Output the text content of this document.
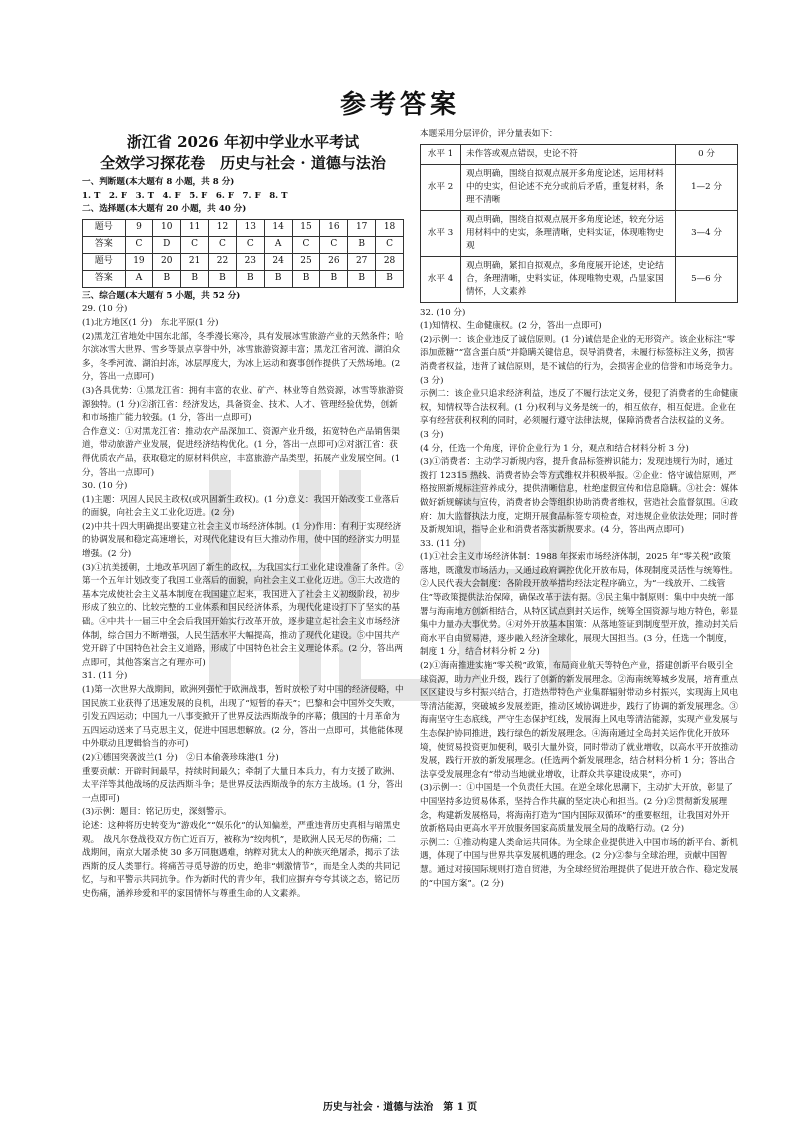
参考答案
浙江省 2026 年初中学业水平考试
全效学习探花卷　历史与社会 · 道德与法治
一、判断题(本大题有 8 小题，共 8 分)
1. T　2. F　3. T　4. F　5. F　6. F　7. F　8. T
二、选择题(本大题有 20 小题，共 40 分)
题号	9	10	11	12	13	14	15	16	17	18
答案	C	D	C	C	C	A	C	C	B	C
题号	19	20	21	22	23	24	25	26	27	28
答案	A	B	B	B	B	B	B	B	B	B
三、综合题(本大题有 5 小题，共 52 分)
29. (10 分)
(1)北方地区(1 分)　东北平原(1 分)
(2)黑龙江省地处中国东北部，冬季漫长寒冷，具有发展冰雪旅游产业的天然条件；哈尔滨冰雪大世界、雪乡等景点享誉中外，冰雪旅游资源丰富；黑龙江省河流、湖泊众多，冬季河流、湖泊封冻，冰层厚度大，为冰上运动和赛事创作提供了天然场地。(2 分，答出一点即可)
(3)各具优势：①黑龙江省：拥有丰富的农业、矿产、林业等自然资源，冰雪等旅游资源独特。(1 分)②浙江省：经济发达，具备资金、技术、人才、管理经验优势，创新和市场推广能力较强。(1 分，答出一点即可)
合作意义：①对黑龙江省：推动农产品深加工、资源产业升级，拓宽特色产品销售渠道，带动旅游产业发展，促进经济结构优化。(1 分，答出一点即可)②对浙江省：获得优质农产品，获取稳定的原材料供应，丰富旅游产品类型，拓展产业发展空间。(1 分，答出一点即可)
30. (10 分)
(1)主题：巩固人民民主政权(或巩固新生政权)。(1 分)意义：我国开始改变工业落后的面貌，向社会主义工业化迈进。(2 分)
(2)中共十四大明确提出要建立社会主义市场经济体制。(1 分)作用：有利于实现经济的协调发展和稳定高速增长，对现代化建设有巨大推动作用，使中国的经济实力明显增强。(2 分)
(3)①抗美援朝，土地改革巩固了新生的政权，为我国实行工业化建设准备了条件。②第一个五年计划改变了我国工业落后的面貌，向社会主义工业化迈进。③三大改造的基本完成使社会主义基本制度在我国建立起来，我国进入了社会主义初级阶段，初步形成了独立的、比较完整的工业体系和国民经济体系，为现代化建设打下了坚实的基础。④中共十一届三中全会后我国开始实行改革开放，逐步建立起社会主义市场经济体制，综合国力不断增强，人民生活水平大幅提高，推动了现代化建设。⑤中国共产党开辟了中国特色社会主义道路，形成了中国特色社会主义理论体系。(2 分，答出两点即可，其他答案言之有理亦可)
31. (11 分)
(1)第一次世界大战期间，欧洲列强忙于欧洲战事，暂时放松了对中国的经济侵略，中国民族工业获得了迅速发展的良机，出现了“短暂的春天”；巴黎和会中国外交失败，引发五四运动；中国九一八事变掀开了世界反法西斯战争的序幕；俄国的十月革命为五四运动送来了马克思主义，促进中国思想解放。(2 分，答出一点即可，其他能体现中外联动且逻辑恰当的亦可)
(2)①德国突袭波兰(1 分)　②日本偷袭珍珠港(1 分)
重要贡献：开辟时间最早，持续时间最久；牵制了大量日本兵力，有力支援了欧洲、太平洋等其他战场的反法西斯斗争；是世界反法西斯战争的东方主战场。(1 分，答出一点即可)
(3)示例：题目：铭记历史，深刻警示。
论述：这种将历史转变为“游戏化”“娱乐化”的认知偏差，严重违背历史真相与暗黑史观。　战凡尔登战役双方伤亡近百万，被称为“绞肉机”，是欧洲人民无尽的伤痛；二战期间，南京大屠杀使 30 多万同胞遇难，纳粹对犹太人的种族灭绝屠杀，揭示了法西斯的反人类罪行。将痛苦寻觅导游的历史，绝非“刺激情节”，而是全人类的共同记忆，与和平警示共同抗争。作为新时代的青少年，我们应摒弃夸夸其谈之态，铭记历史伤痛，涵养珍爱和平的家国情怀与尊重生命的人文素养。
本题采用分层评价，评分量表如下：
水平 1	未作答或观点错误，史论不符	0 分
水平 2	观点明确，围绕自拟观点展开多角度论述，运用材料中的史实，但论述不充分或前后矛盾，重复材料，条理不清晰	1—2 分
水平 3	观点明确，围绕自拟观点展开多角度论述，较充分运用材料中的史实，条理清晰，史料实证，体现唯物史观	3—4 分
水平 4	观点明确，紧扣自拟观点，多角度展开论述，史论结合，条理清晰，史料实证，体现唯物史观，凸显家国情怀，人文素养	5—6 分
32. (10 分)
(1)知情权、生命健康权。(2 分，答出一点即可)
(2)示例一：该企业违反了诚信原则。(1 分)诚信是企业的无形资产。该企业标注“零添加蔗糖”“富含蛋白质”并隐瞒关键信息，误导消费者，未履行标签标注义务，损害消费者权益，违背了诚信原则，是不诚信的行为，会损害企业的信誉和市场竞争力。(3 分)
示例二：该企业只追求经济利益，违反了不履行法定义务，侵犯了消费者的生命健康权，知情权等合法权利。(1 分)权利与义务是统一的，相互依存，相互促进。企业在享有经营获利权利的同时，必须履行遵守法律法规，保障消费者合法权益的义务。(3 分)
(4 分，任选一个角度，评价企业行为 1 分，观点和结合材料分析 3 分)
(3)①消费者：主动学习新规内容，提升食品标签辨识能力；发现违规行为时，通过拨打 12315 热线、消费者协会等方式维权并积极举报。②企业：恪守诚信原则，严格按照新规标注营养成分，提供清晰信息，杜绝虚假宣传和信息隐瞒。③社会：媒体做好新规解读与宣传，消费者协会等组织协助消费者维权，营造社会监督氛围。④政府：加大监督执法力度，定期开展食品标签专项检查，对违规企业依法处理；同时普及新规知识，指导企业和消费者落实新规要求。(4 分，答出两点即可)
33. (11 分)
(1)①社会主义市场经济体制：1988 年探索市场经济体制，2025 年“零关税”政策落地，既激发市场活力，又通过政府调控优化开放布局，体现制度灵活性与统筹性。②人民代表大会制度：各阶段开放举措均经法定程序确立，为“一线放开、二线管住”等政策提供法治保障，确保改革于法有据。③民主集中制原则：集中中央统一部署与海南地方创新相结合，从特区试点到封关运作，统筹全国资源与地方特色，彰显集中力量办大事优势。④对外开放基本国策：从落地签证到制度型开放，推动封关后商水平自由贸易港，逐步融入经济全球化，展现大国担当。(3 分，任选一个制度，制度 1 分，结合材料分析 2 分)
(2)①海南推进实施“零关税”政策，布局商业航天等特色产业，搭建创新平台吸引全球资源，助力产业升级，践行了创新的新发展理念。②海南统筹城乡发展，培育重点区区建设与乡村振兴结合，打造热带特色产业集群辐射带动乡村振兴，实现海上风电等清洁能源，突破城乡发展差距，推动区域协调进步，践行了协调的新发展理念。③海南坚守生态底线，严守生态保护红线，发展海上风电等清洁能源，实现产业发展与生态保护协同推进，践行绿色的新发展理念。④海南通过全岛封关运作优化开放环境，使贸易投资更加便利，吸引大量外资，同时带动了就业增收，以高水平开放推动发展，践行开放的新发展理念。(任选两个新发展理念，结合材料分析 1 分；答出合法享受发展理念有“带动当地就业增收，让群众共享建设成果”，亦可)
(3)示例一：①中国是一个负责任大国。在逆全球化思潮下，主动扩大开放，彰显了中国坚持多边贸易体系，坚持合作共赢的坚定决心和担当。(2 分)②贯彻新发展理念，构建新发展格局，将海南打造为“国内国际双循环”的重要枢纽，让我国对外开放新格局由更高水平开放服务国家高质量发展全局的战略行动。(2 分)
示例二：①推动构建人类命运共同体。为全球企业提供进入中国市场的新平台、新机遇，体现了中国与世界共享发展机遇的理念。(2 分)②参与全球治理，贡献中国智慧。通过对接国际规则打造自贸港，为全球经贸治理提供了促进开放合作、稳定发展的“中国方案”。(2 分)
历史与社会 · 道德与法治　第 1 页
